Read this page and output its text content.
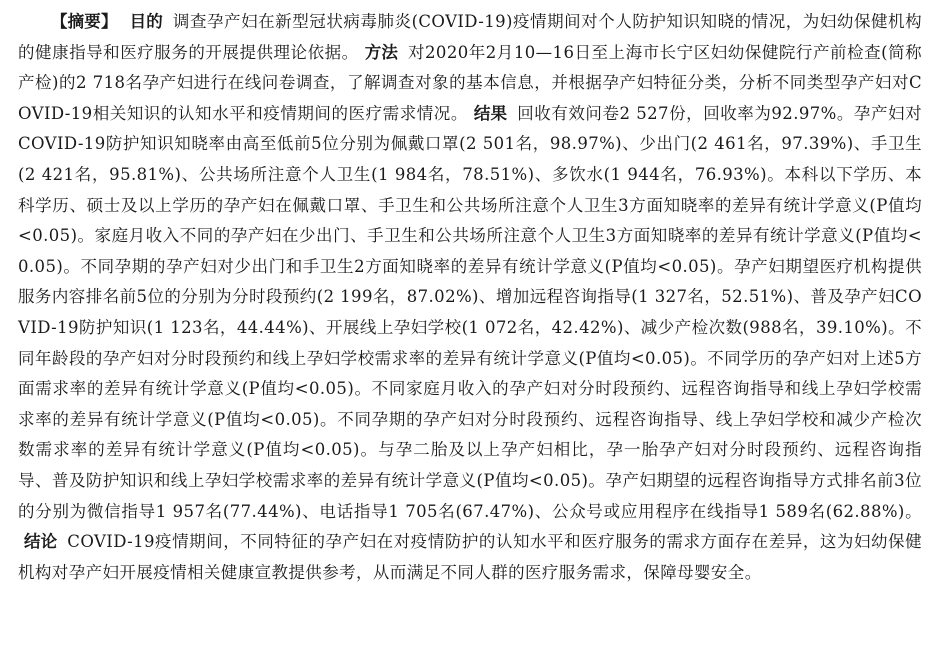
【摘要】 目的 调查孕产妇在新型冠状病毒肺炎(COVID-19)疫情期间对个人防护知识知晓的情况，为妇幼保健机构的健康指导和医疗服务的开展提供理论依据。 方法 对2020年2月10—16日至上海市长宁区妇幼保健院行产前检查(简称产检)的2 718名孕产妇进行在线问卷调查，了解调查对象的基本信息，并根据孕产妇特征分类，分析不同类型孕产妇对COVID-19相关知识的认知水平和疫情期间的医疗需求情况。 结果 回收有效问卷2 527份，回收率为92.97%。孕产妇对COVID-19防护知识知晓率由高至低前5位分别为佩戴口罩(2 501名，98.97%)、少出门(2 461名，97.39%)、手卫生(2 421名，95.81%)、公共场所注意个人卫生(1 984名，78.51%)、多饮水(1 944名，76.93%)。本科以下学历、本科学历、硕士及以上学历的孕产妇在佩戴口罩、手卫生和公共场所注意个人卫生3方面知晓率的差异有统计学意义(P值均<0.05)。家庭月收入不同的孕产妇在少出门、手卫生和公共场所注意个人卫生3方面知晓率的差异有统计学意义(P值均<0.05)。不同孕期的孕产妇对少出门和手卫生2方面知晓率的差异有统计学意义(P值均<0.05)。孕产妇期望医疗机构提供服务内容排名前5位的分别为分时段预约(2 199名，87.02%)、增加远程咨询指导(1 327名，52.51%)、普及孕产妇COVID-19防护知识(1 123名，44.44%)、开展线上孕妇学校(1 072名，42.42%)、减少产检次数(988名，39.10%)。不同年龄段的孕产妇对分时段预约和线上孕妇学校需求率的差异有统计学意义(P值均<0.05)。不同学历的孕产妇对上述5方面需求率的差异有统计学意义(P值均<0.05)。不同家庭月收入的孕产妇对分时段预约、远程咨询指导和线上孕妇学校需求率的差异有统计学意义(P值均<0.05)。不同孕期的孕产妇对分时段预约、远程咨询指导、线上孕妇学校和减少产检次数需求率的差异有统计学意义(P值均<0.05)。与孕二胎及以上孕产妇相比，孕一胎孕产妇对分时段预约、远程咨询指导、普及防护知识和线上孕妇学校需求率的差异有统计学意义(P值均<0.05)。孕产妇期望的远程咨询指导方式排名前3位的分别为微信指导1 957名(77.44%)、电话指导1 705名(67.47%)、公众号或应用程序在线指导1 589名(62.88%)。结论 COVID-19疫情期间，不同特征的孕产妇在对疫情防护的认知水平和医疗服务的需求方面存在差异，这为妇幼保健机构对孕产妇开展疫情相关健康宣教提供参考，从而满足不同人群的医疗服务需求，保障母婴安全。
